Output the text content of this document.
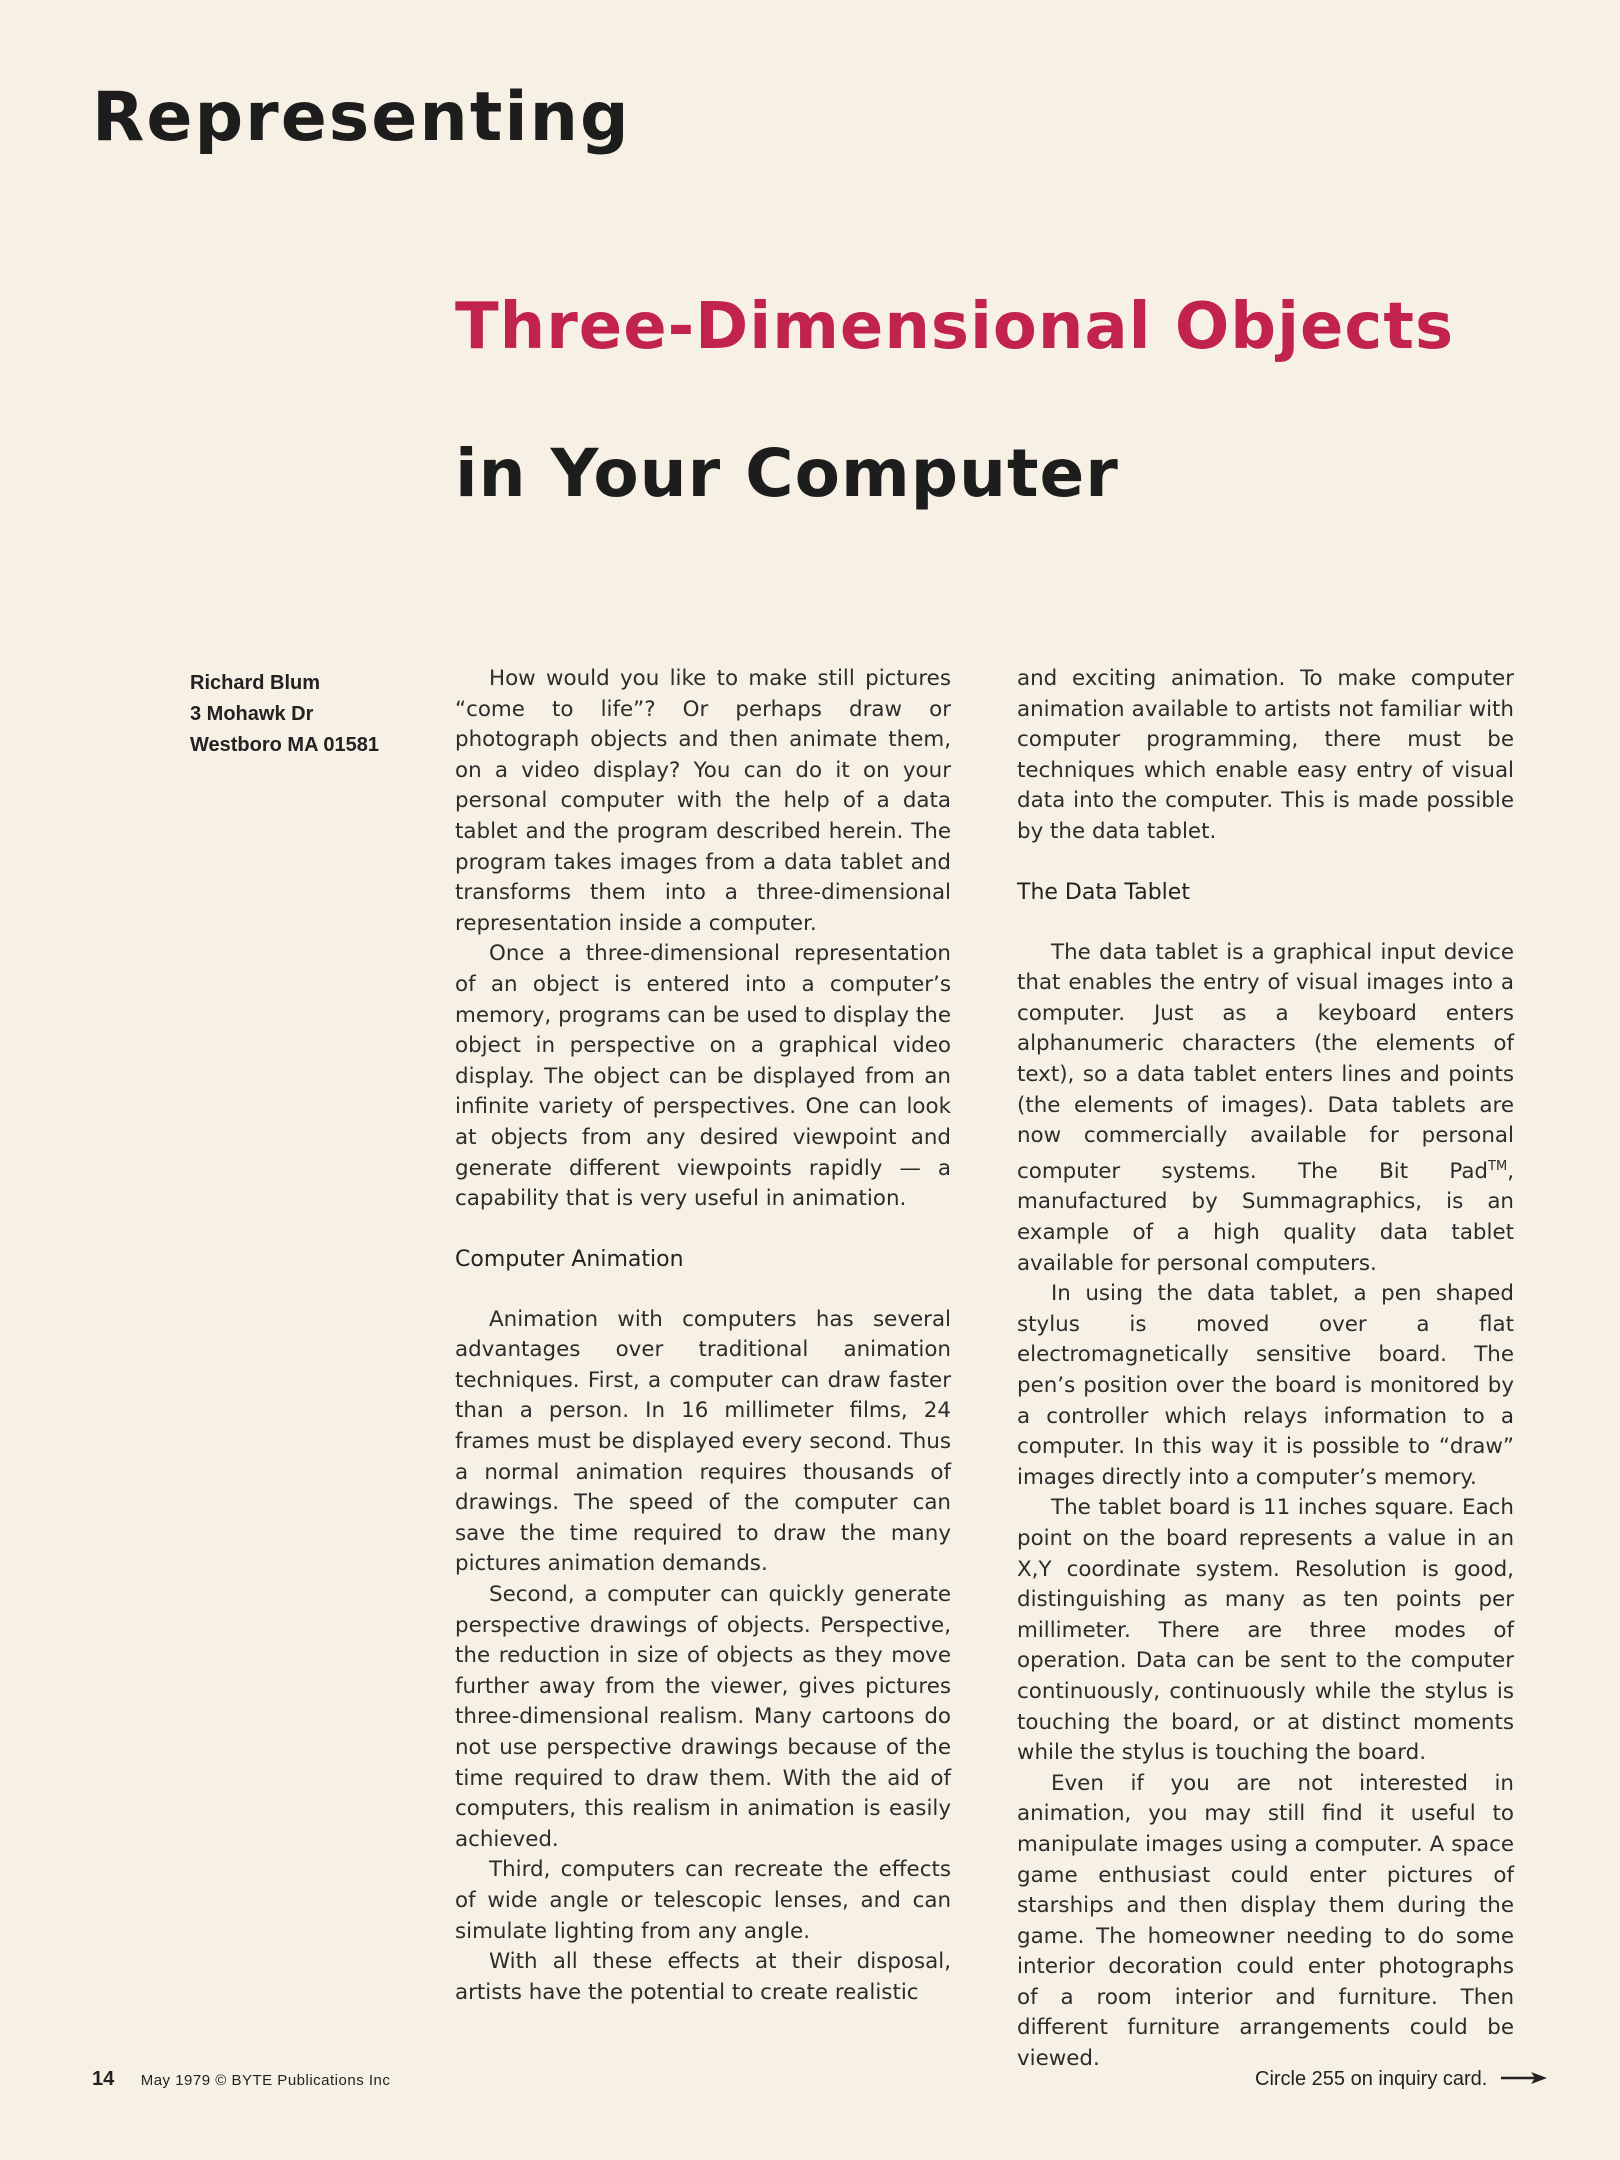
Representing
Three-Dimensional Objects
in Your Computer
Richard Blum
3 Mohawk Dr
Westboro MA 01581

How would you like to make still pictures “come to life”? Or perhaps draw or photograph objects and then animate them, on a video display? You can do it on your personal computer with the help of a data tablet and the program described herein. The program takes images from a data tablet and transforms them into a three-dimensional representation inside a computer.

Once a three-dimensional representation of an object is entered into a computer’s memory, programs can be used to display the object in perspective on a graphical video display. The object can be displayed from an infinite variety of perspectives. One can look at objects from any desired viewpoint and generate different viewpoints rapidly — a capability that is very useful in animation.

Computer Animation

Animation with computers has several advantages over traditional animation techniques. First, a computer can draw faster than a person. In 16 millimeter films, 24 frames must be displayed every second. Thus a normal animation requires thousands of drawings. The speed of the computer can save the time required to draw the many pictures animation demands.

Second, a computer can quickly generate perspective drawings of objects. Perspective, the reduction in size of objects as they move further away from the viewer, gives pictures three-dimensional realism. Many cartoons do not use perspective drawings because of the time required to draw them. With the aid of computers, this realism in animation is easily achieved.

Third, computers can recreate the effects of wide angle or telescopic lenses, and can simulate lighting from any angle.

With all these effects at their disposal, artists have the potential to create realistic

and exciting animation. To make computer animation available to artists not familiar with computer programming, there must be techniques which enable easy entry of visual data into the computer. This is made possible by the data tablet.

The Data Tablet

The data tablet is a graphical input device that enables the entry of visual images into a computer. Just as a keyboard enters alphanumeric characters (the elements of text), so a data tablet enters lines and points (the elements of images). Data tablets are now commercially available for personal computer systems. The Bit Pad™, manufactured by Summagraphics, is an example of a high quality data tablet available for personal computers.

In using the data tablet, a pen shaped stylus is moved over a flat electromagnetically sensitive board. The pen’s position over the board is monitored by a controller which relays information to a computer. In this way it is possible to “draw” images directly into a computer’s memory.

The tablet board is 11 inches square. Each point on the board represents a value in an X,Y coordinate system. Resolution is good, distinguishing as many as ten points per millimeter. There are three modes of operation. Data can be sent to the computer continuously, continuously while the stylus is touching the board, or at distinct moments while the stylus is touching the board.

Even if you are not interested in animation, you may still find it useful to manipulate images using a computer. A space game enthusiast could enter pictures of starships and then display them during the game. The homeowner needing to do some interior decoration could enter photographs of a room interior and furniture. Then different furniture arrangements could be viewed.

14 May 1979 © BYTE Publications Inc	Circle 255 on inquiry card.
